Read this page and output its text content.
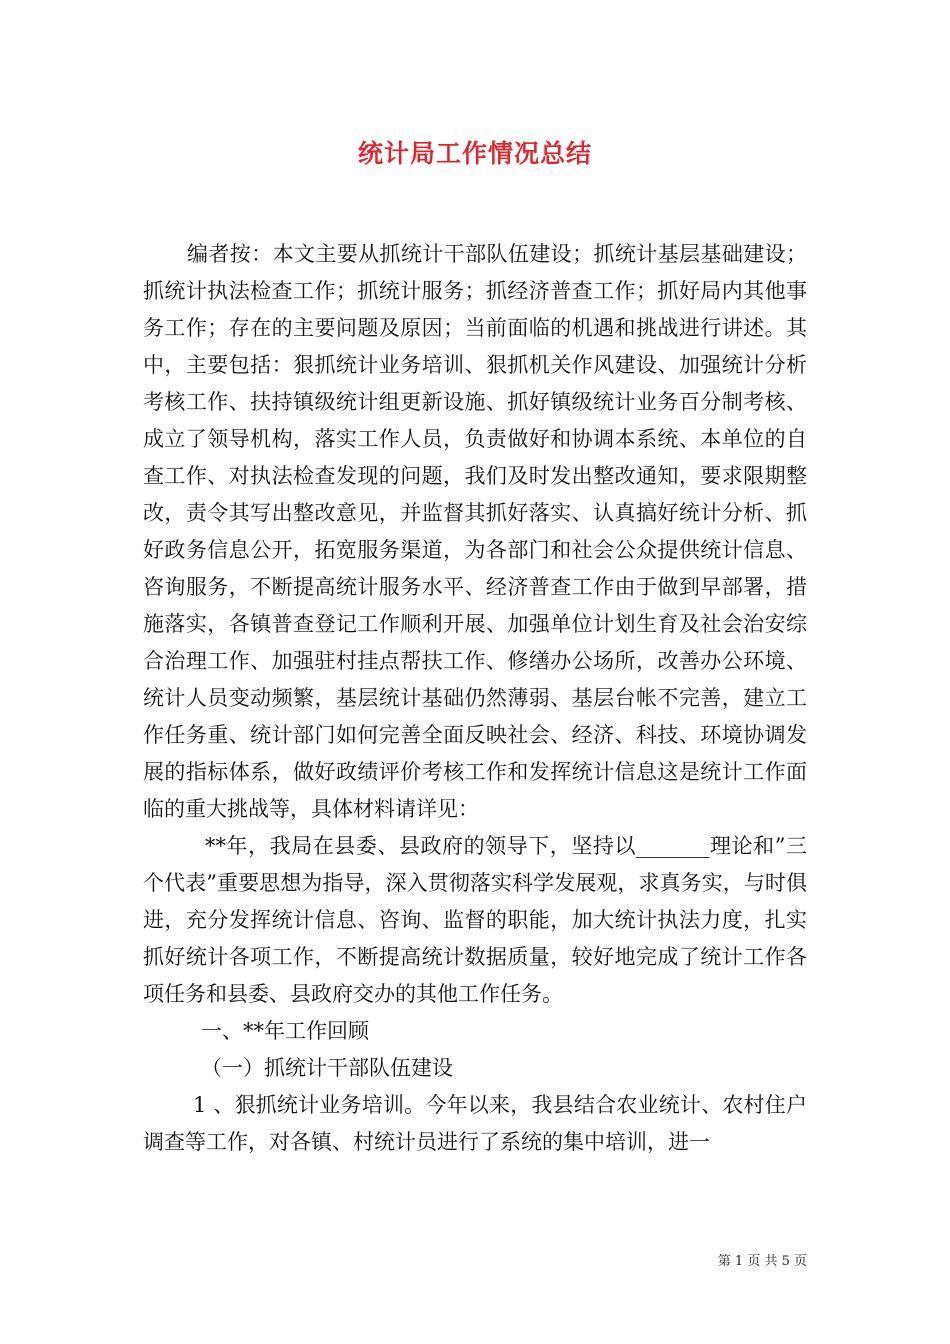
统计局工作情况总结

编者按：本文主要从抓统计干部队伍建设；抓统计基层基础建设；抓统计执法检查工作；抓统计服务；抓经济普查工作；抓好局内其他事务工作；存在的主要问题及原因；当前面临的机遇和挑战进行讲述。其中，主要包括：狠抓统计业务培训、狠抓机关作风建设、加强统计分析考核工作、扶持镇级统计组更新设施、抓好镇级统计业务百分制考核、成立了领导机构，落实工作人员，负责做好和协调本系统、本单位的自查工作、对执法检查发现的问题，我们及时发出整改通知，要求限期整改，责令其写出整改意见，并监督其抓好落实、认真搞好统计分析、抓好政务信息公开，拓宽服务渠道，为各部门和社会公众提供统计信息、咨询服务，不断提高统计服务水平、经济普查工作由于做到早部署，措施落实，各镇普查登记工作顺利开展、加强单位计划生育及社会治安综合治理工作、加强驻村挂点帮扶工作、修缮办公场所，改善办公环境、统计人员变动频繁，基层统计基础仍然薄弱、基层台帐不完善，建立工作任务重、统计部门如何完善全面反映社会、经济、科技、环境协调发展的指标体系，做好政绩评价考核工作和发挥统计信息这是统计工作面临的重大挑战等，具体材料请详见：

**年，我局在县委、县政府的领导下，坚持以_______理论和”三个代表”重要思想为指导，深入贯彻落实科学发展观，求真务实，与时俱进，充分发挥统计信息、咨询、监督的职能，加大统计执法力度，扎实抓好统计各项工作，不断提高统计数据质量，较好地完成了统计工作各项任务和县委、县政府交办的其他工作任务。

一、**年工作回顾

（一）抓统计干部队伍建设

1 、狠抓统计业务培训。今年以来，我县结合农业统计、农村住户调查等工作，对各镇、村统计员进行了系统的集中培训，进一

第 1 页 共 5 页
